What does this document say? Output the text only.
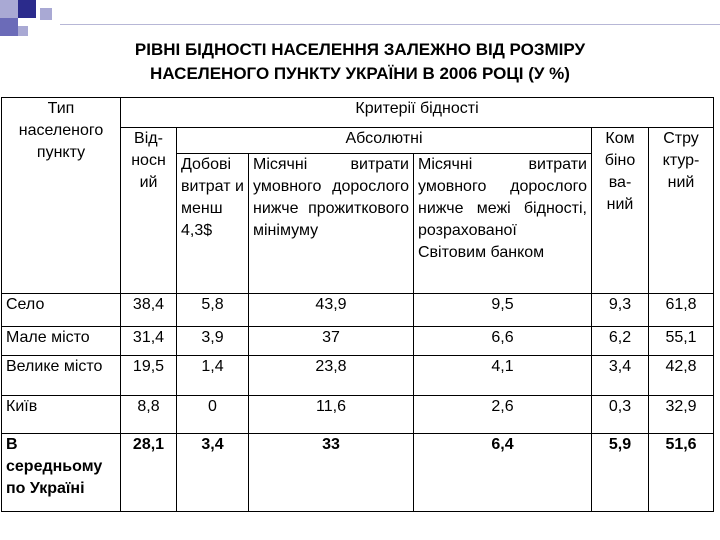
РІВНІ БІДНОСТІ НАСЕЛЕННЯ ЗАЛЕЖНО ВІД РОЗМІРУ
НАСЕЛЕНОГО ПУНКТУ УКРАЇНИ В 2006 РОЦІ (У %)
Тип населеного пункту	Критерії бідності					
	Від-носн ий	Абсолютні			Ком біно ва-ний	Стру ктур-ний
		Добові витрат и менш 4,3$	Місячні витрати умовного дорослого нижче прожиткового мінімуму	Місячні витрати умовного дорослого нижче межі бідності, розрахованої Світовим банком		
Село	38,4	5,8	43,9	9,5	9,3	61,8
Мале місто	31,4	3,9	37	6,6	6,2	55,1
Велике місто	19,5	1,4	23,8	4,1	3,4	42,8
Київ	8,8	0	11,6	2,6	0,3	32,9
В середньому по Україні	28,1	3,4	33	6,4	5,9	51,6
